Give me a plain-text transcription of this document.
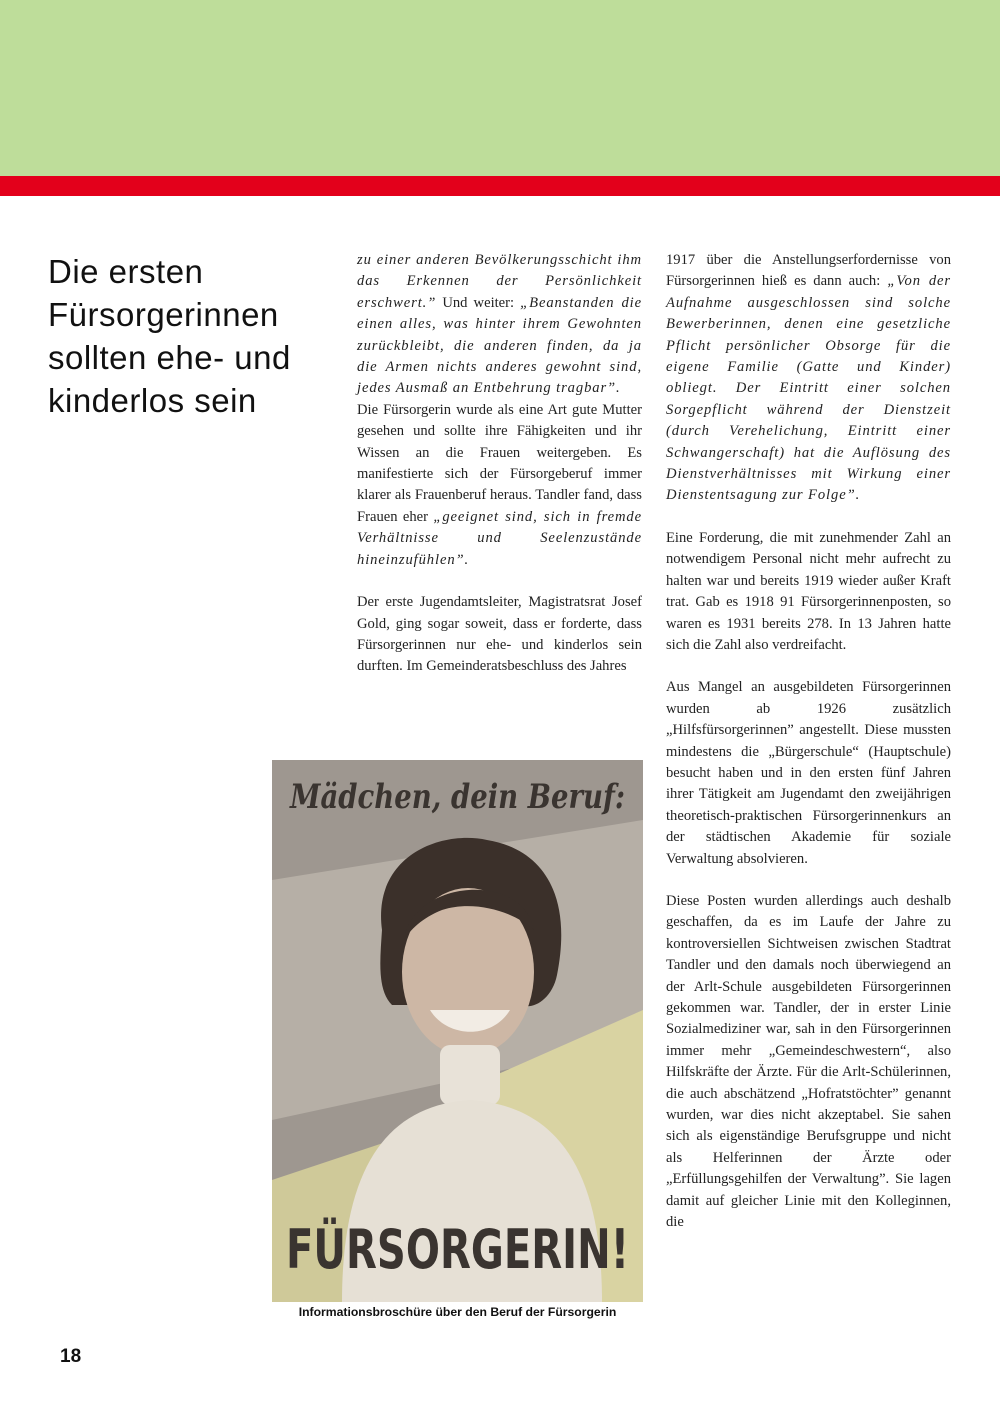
Die ersten
Fürsorgerinnen
sollten ehe- und
kinderlos sein

zu einer anderen Bevölkerungsschicht ihm das Erkennen der Persönlichkeit erschwert.” Und weiter: „Beanstanden die einen alles, was hinter ihrem Gewohnten zurückbleibt, die anderen finden, da ja die Armen nichts anderes gewohnt sind, jedes Ausmaß an Entbehrung tragbar”.

Die Fürsorgerin wurde als eine Art gute Mutter gesehen und sollte ihre Fähigkeiten und ihr Wissen an die Frauen weitergeben. Es manifestierte sich der Fürsorgeberuf immer klarer als Frauenberuf heraus. Tandler fand, dass Frauen eher „geeignet sind, sich in fremde Verhältnisse und Seelenzustände hineinzufühlen”.

Der erste Jugendamtsleiter, Magistratsrat Josef Gold, ging sogar soweit, dass er forderte, dass Fürsorgerinnen nur ehe- und kinderlos sein durften. Im Gemeinderatsbeschluss des Jahres

1917 über die Anstellungserfordernisse von Fürsorgerinnen hieß es dann auch: „Von der Aufnahme ausgeschlossen sind solche Bewerberinnen, denen eine gesetzliche Pflicht persönlicher Obsorge für die eigene Familie (Gatte und Kinder) obliegt. Der Eintritt einer solchen Sorgepflicht während der Dienstzeit (durch Verehelichung, Eintritt einer Schwangerschaft) hat die Auflösung des Dienstverhältnisses mit Wirkung einer Dienstentsagung zur Folge”.

Eine Forderung, die mit zunehmender Zahl an notwendigem Personal nicht mehr aufrecht zu halten war und bereits 1919 wieder außer Kraft trat. Gab es 1918 91 Fürsorgerinnenposten, so waren es 1931 bereits 278. In 13 Jahren hatte sich die Zahl also verdreifacht.

Aus Mangel an ausgebildeten Fürsorgerinnen wurden ab 1926 zusätzlich „Hilfsfürsorgerinnen” angestellt. Diese mussten mindestens die „Bürgerschule“ (Hauptschule) besucht haben und in den ersten fünf Jahren ihrer Tätigkeit am Jugendamt den zweijährigen theoretisch-praktischen Fürsorgerinnenkurs an der städtischen Akademie für soziale Verwaltung absolvieren.

Diese Posten wurden allerdings auch deshalb geschaffen, da es im Laufe der Jahre zu kontroversiellen Sichtweisen zwischen Stadtrat Tandler und den damals noch überwiegend an der Arlt-Schule ausgebildeten Fürsorgerinnen gekommen war. Tandler, der in erster Linie Sozialmediziner war, sah in den Fürsorgerinnen immer mehr „Gemeindeschwestern“, also Hilfskräfte der Ärzte. Für die Arlt-Schülerinnen, die auch abschätzend „Hofratstöchter” genannt wurden, war dies nicht akzeptabel. Sie sahen sich als eigenständige Berufsgruppe und nicht als Helferinnen der Ärzte oder „Erfüllungsgehilfen der Verwaltung”. Sie lagen damit auf gleicher Linie mit den Kolleginnen, die

Mädchen, dein Beruf:
FÜRSORGERIN!
Informationsbroschüre über den Beruf der Fürsorgerin
18
